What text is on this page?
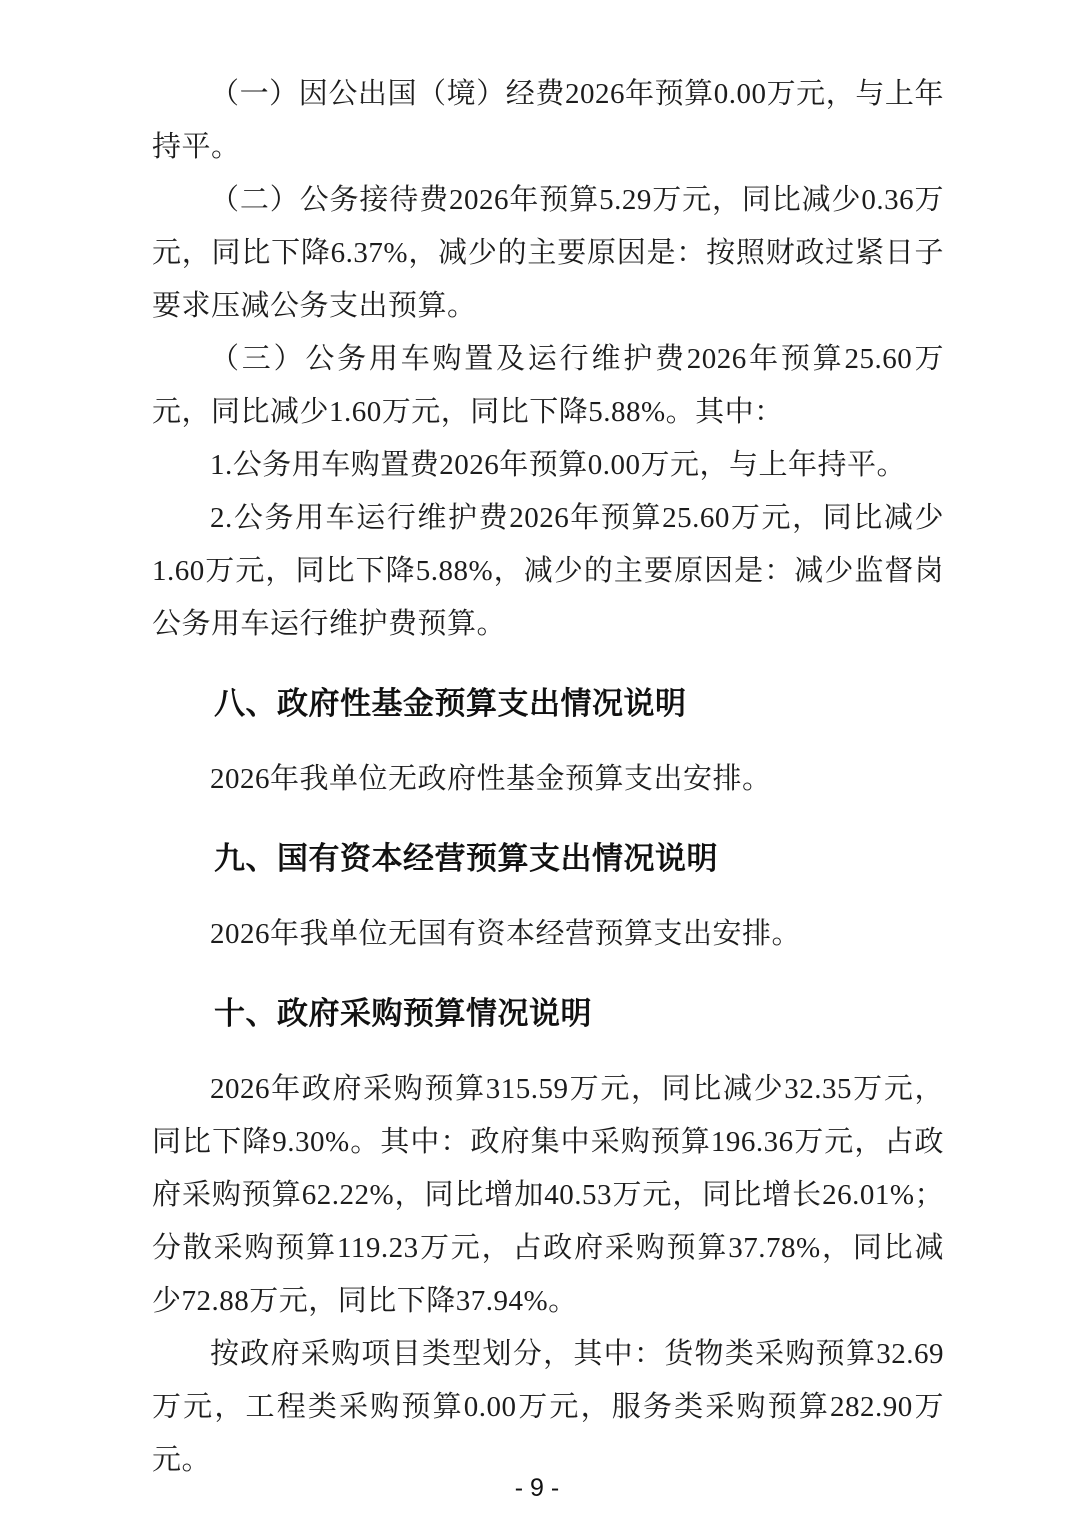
（一）因公出国（境）经费2026年预算0.00万元，与上年持平。

（二）公务接待费2026年预算5.29万元，同比减少0.36万元，同比下降6.37%，减少的主要原因是：按照财政过紧日子要求压减公务支出预算。

（三）公务用车购置及运行维护费2026年预算25.60万元，同比减少1.60万元，同比下降5.88%。其中：

1.公务用车购置费2026年预算0.00万元，与上年持平。

2.公务用车运行维护费2026年预算25.60万元，同比减少1.60万元，同比下降5.88%，减少的主要原因是：减少监督岗公务用车运行维护费预算。

八、政府性基金预算支出情况说明

2026年我单位无政府性基金预算支出安排。

九、国有资本经营预算支出情况说明

2026年我单位无国有资本经营预算支出安排。

十、政府采购预算情况说明

2026年政府采购预算315.59万元，同比减少32.35万元，同比下降9.30%。其中：政府集中采购预算196.36万元，占政府采购预算62.22%，同比增加40.53万元，同比增长26.01%；分散采购预算119.23万元，占政府采购预算37.78%，同比减少72.88万元，同比下降37.94%。

按政府采购项目类型划分，其中：货物类采购预算32.69万元，工程类采购预算0.00万元，服务类采购预算282.90万元。

- 9 -
